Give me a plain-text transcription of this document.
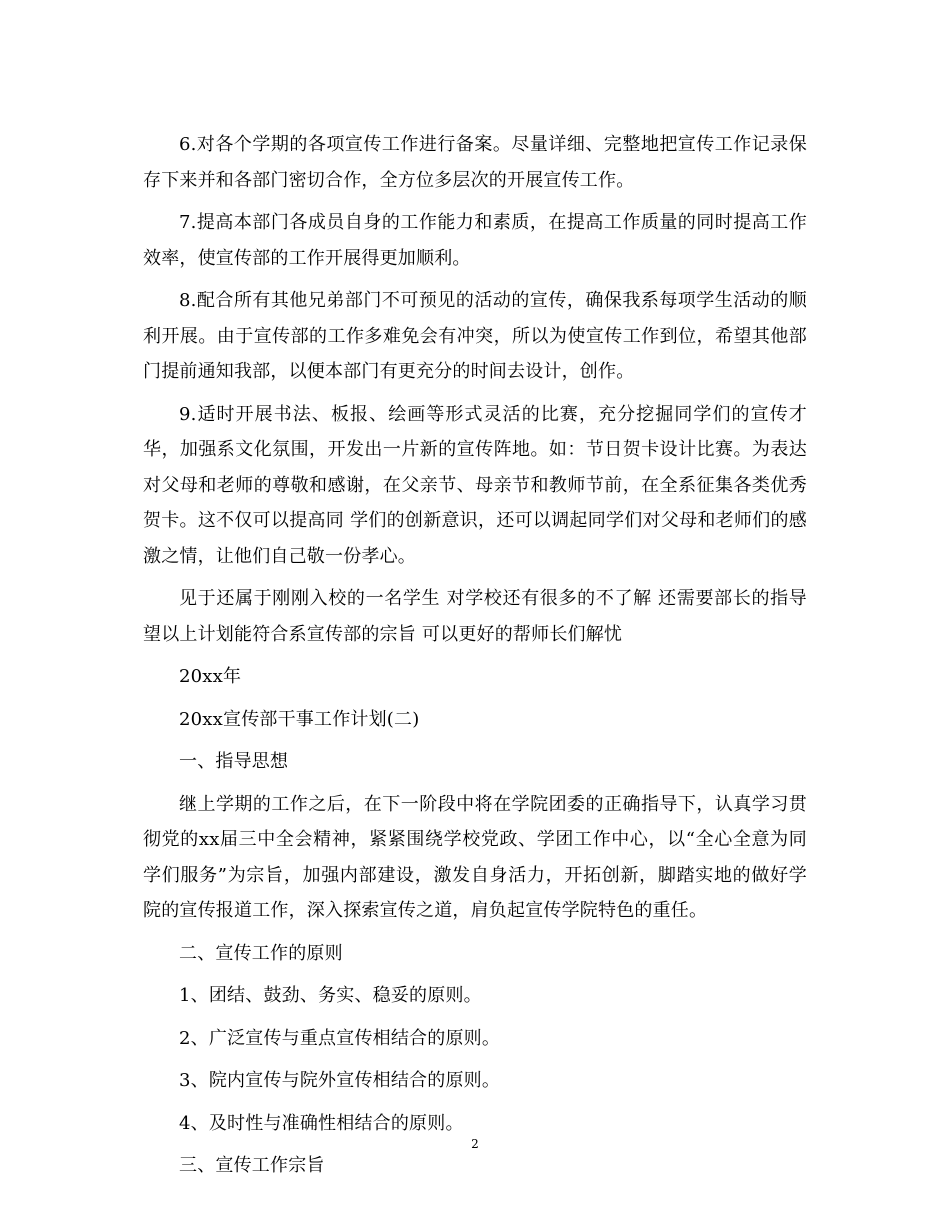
6.对各个学期的各项宣传工作进行备案。尽量详细、完整地把宣传工作记录保存下来并和各部门密切合作，全方位多层次的开展宣传工作。

7.提高本部门各成员自身的工作能力和素质，在提高工作质量的同时提高工作效率，使宣传部的工作开展得更加顺利。

8.配合所有其他兄弟部门不可预见的活动的宣传，确保我系每项学生活动的顺利开展。由于宣传部的工作多难免会有冲突，所以为使宣传工作到位，希望其他部门提前通知我部，以便本部门有更充分的时间去设计，创作。

9.适时开展书法、板报、绘画等形式灵活的比赛，充分挖掘同学们的宣传才华，加强系文化氛围，开发出一片新的宣传阵地。如：节日贺卡设计比赛。为表达对父母和老师的尊敬和感谢，在父亲节、母亲节和教师节前，在全系征集各类优秀贺卡。这不仅可以提高同 学们的创新意识，还可以调起同学们对父母和老师们的感激之情，让他们自己敬一份孝心。

见于还属于刚刚入校的一名学生 对学校还有很多的不了解 还需要部长的指导 望以上计划能符合系宣传部的宗旨 可以更好的帮师长们解忧

20xx年

20xx宣传部干事工作计划(二)

一、指导思想

继上学期的工作之后，在下一阶段中将在学院团委的正确指导下，认真学习贯彻党的xx届三中全会精神，紧紧围绕学校党政、学团工作中心，以“全心全意为同学们服务”为宗旨，加强内部建设，激发自身活力，开拓创新，脚踏实地的做好学院的宣传报道工作，深入探索宣传之道，肩负起宣传学院特色的重任。

二、宣传工作的原则

1、团结、鼓劲、务实、稳妥的原则。

2、广泛宣传与重点宣传相结合的原则。

3、院内宣传与院外宣传相结合的原则。

4、及时性与准确性相结合的原则。

三、宣传工作宗旨

2
